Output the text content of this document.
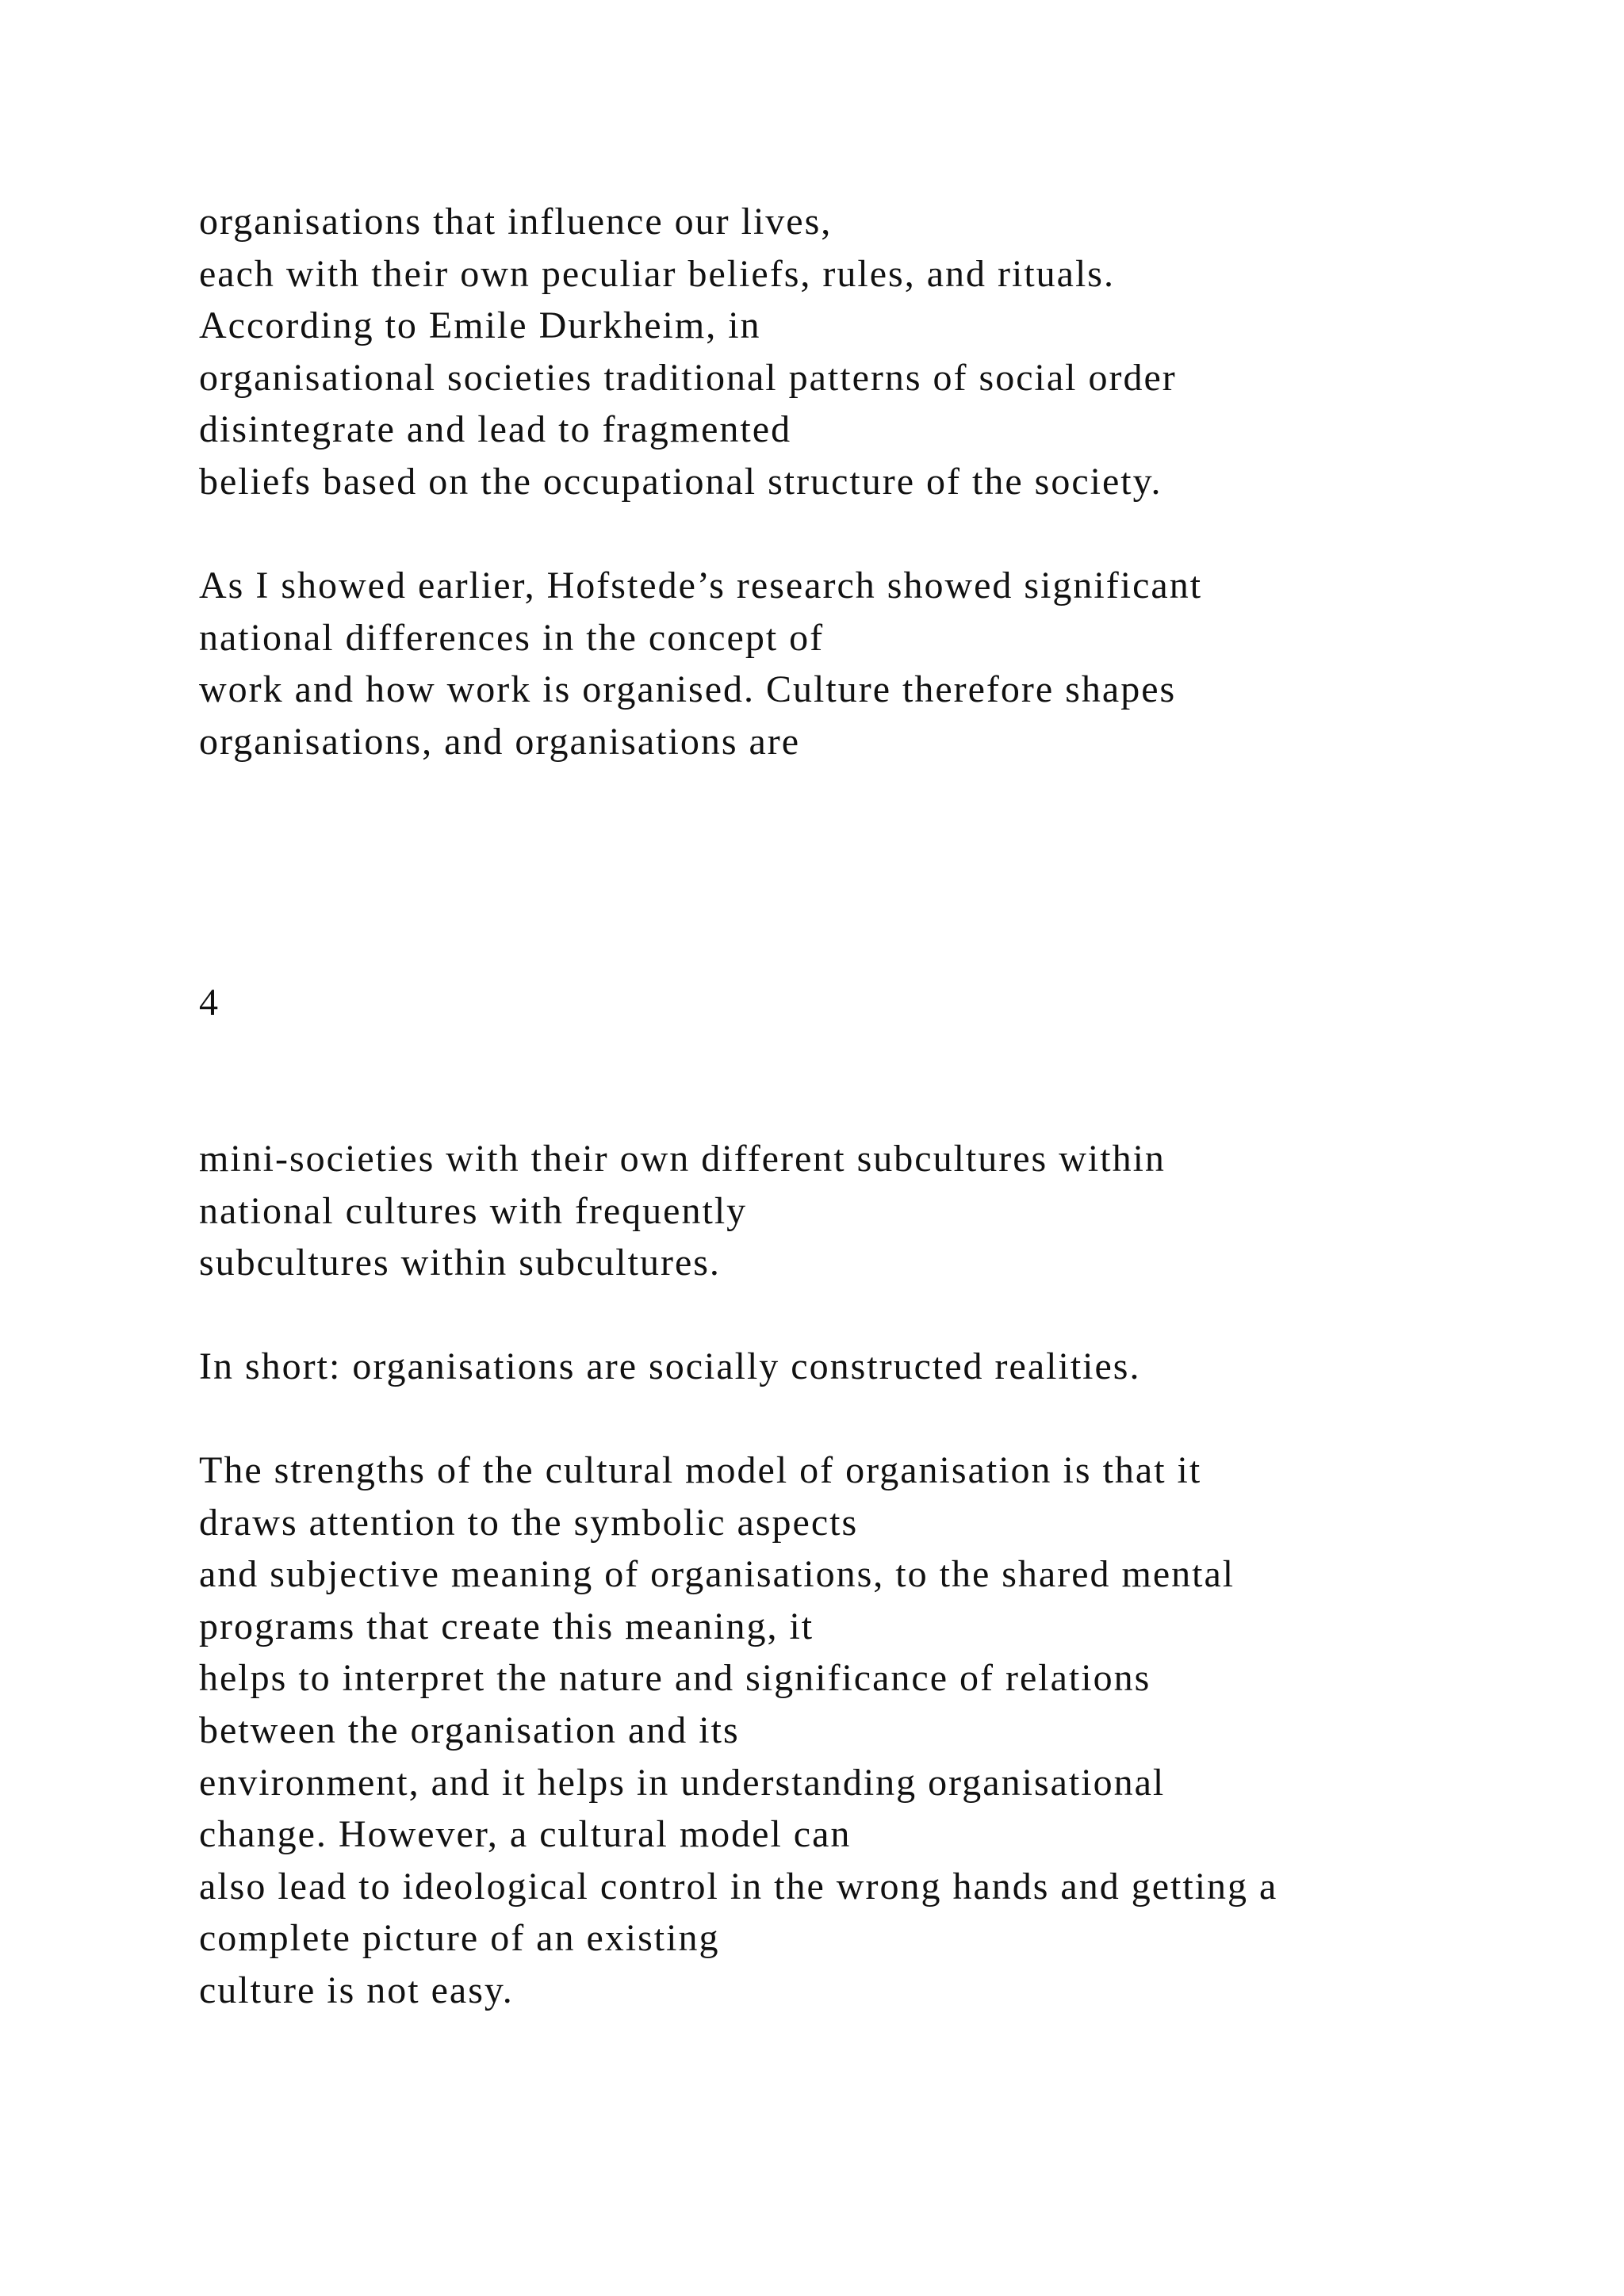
organisations that influence our lives,
each with their own peculiar beliefs, rules, and rituals.
According to Emile Durkheim, in
organisational societies traditional patterns of social order
disintegrate and lead to fragmented
beliefs based on the occupational structure of the society.

As I showed earlier, Hofstede’s research showed significant
national differences in the concept of
work and how work is organised. Culture therefore shapes
organisations, and organisations are

4

mini-societies with their own different subcultures within
national cultures with frequently
subcultures within subcultures.

In short: organisations are socially constructed realities.

The strengths of the cultural model of organisation is that it
draws attention to the symbolic aspects
and subjective meaning of organisations, to the shared mental
programs that create this meaning, it
helps to interpret the nature and significance of relations
between the organisation and its
environment, and it helps in understanding organisational
change. However, a cultural model can
also lead to ideological control in the wrong hands and getting a
complete picture of an existing
culture is not easy.
